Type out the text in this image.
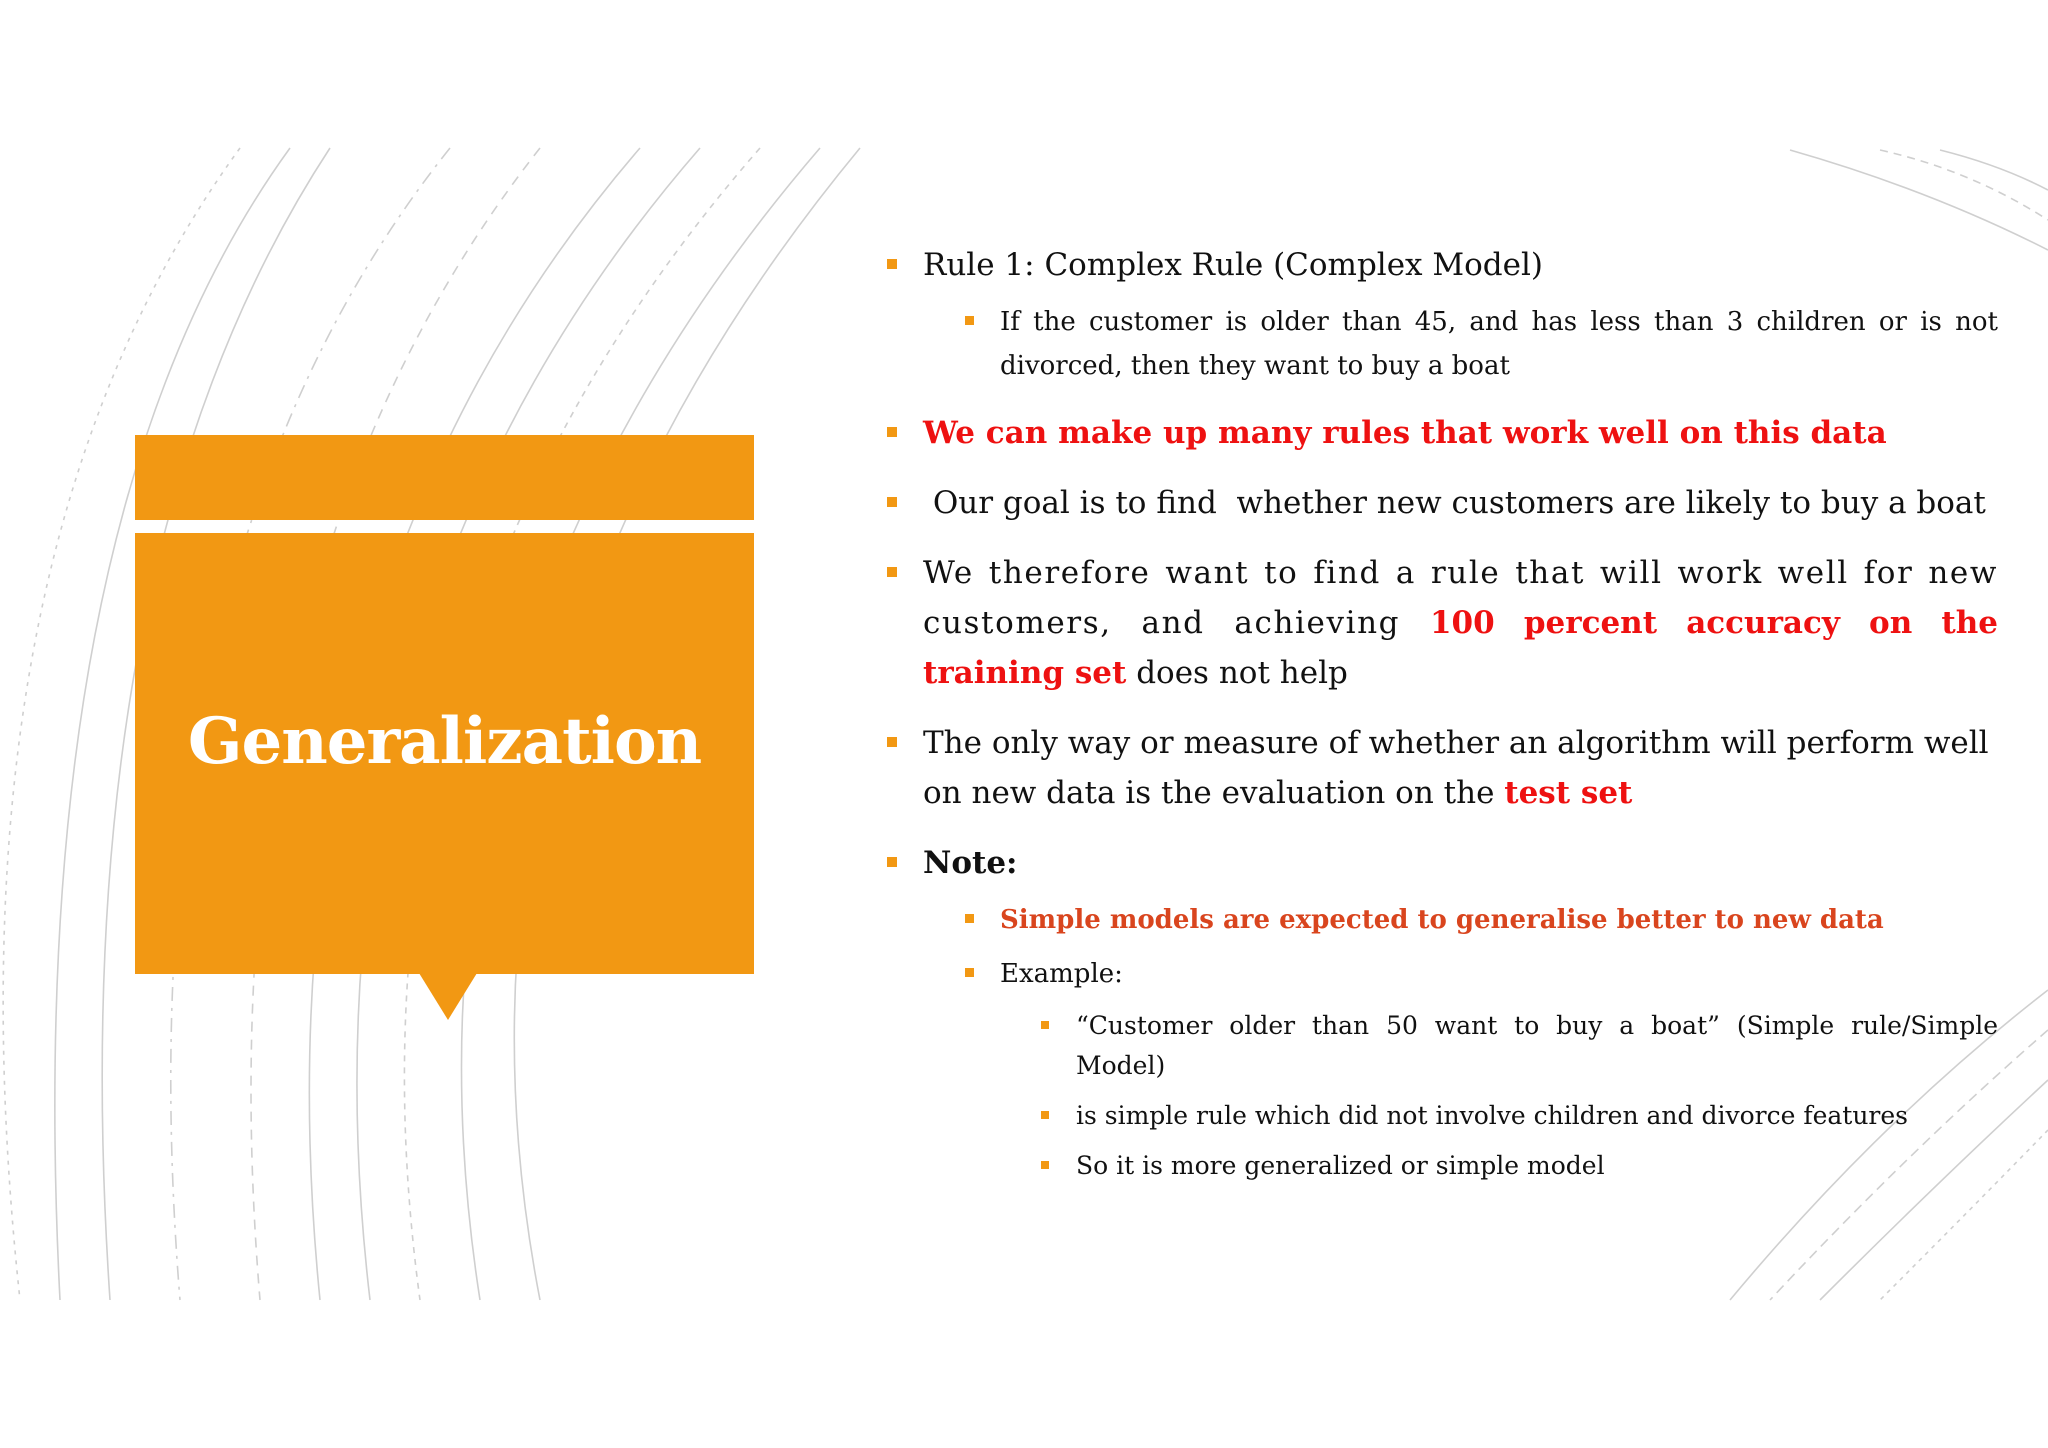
Generalization
Rule 1: Complex Rule (Complex Model)
If the customer is older than 45, and has less than 3 children or is not divorced, then they want to buy a boat
We can make up many rules that work well on this data
Our goal is to find  whether new customers are likely to buy a boat
We therefore want to find a rule that will work well for new customers, and achieving 100 percent accuracy on the training set does not help
The only way or measure of whether an algorithm will perform well on new data is the evaluation on the test set
Note:
Simple models are expected to generalise better to new data
Example:
“Customer older than 50 want to buy a boat” (Simple rule/Simple Model)
is simple rule which did not involve children and divorce features
So it is more generalized or simple model
